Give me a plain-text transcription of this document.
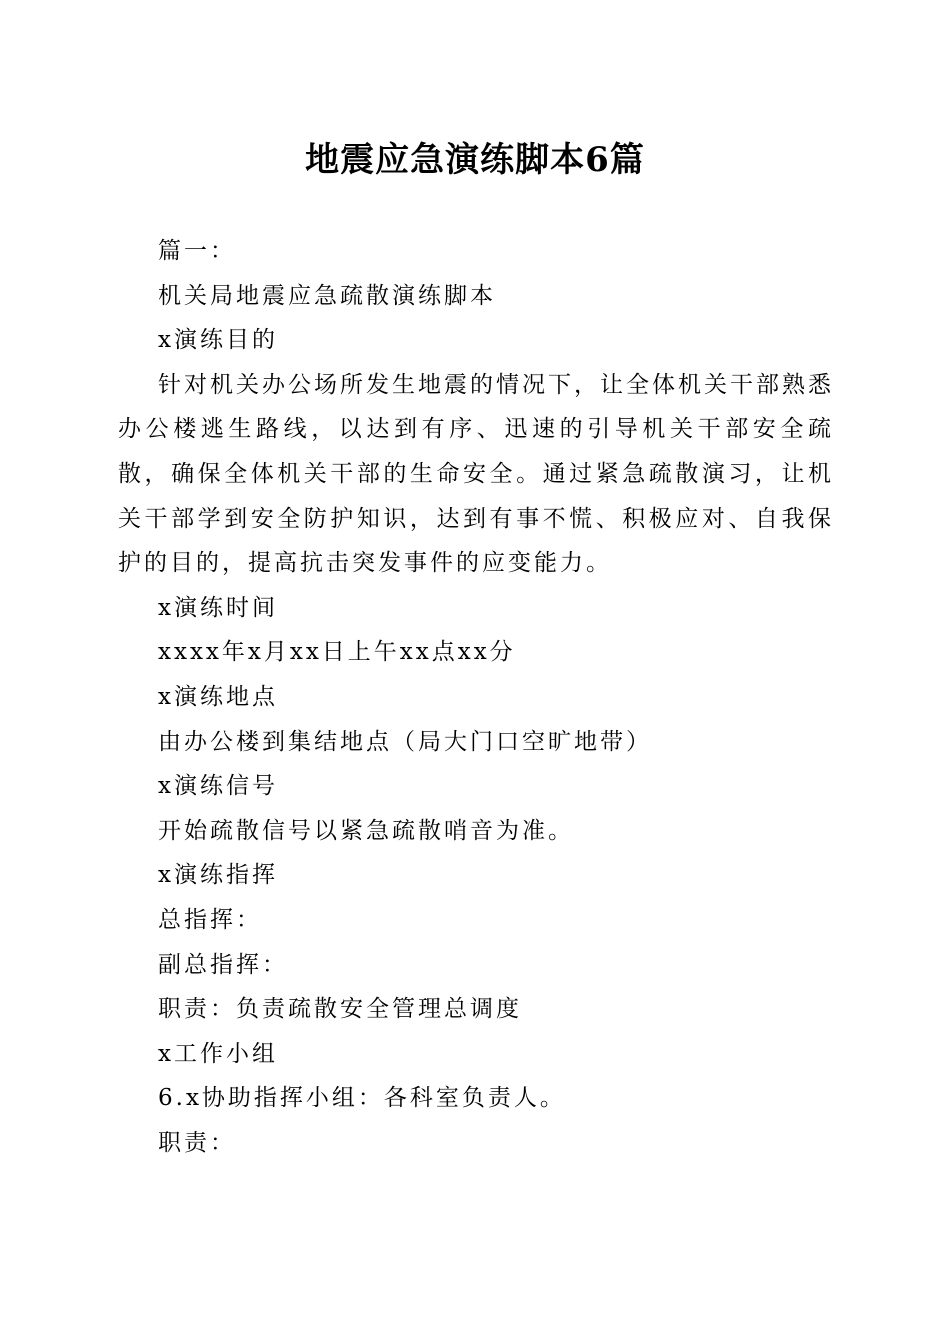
地震应急演练脚本6篇

篇一：

机关局地震应急疏散演练脚本

x演练目的

针对机关办公场所发生地震的情况下，让全体机关干部熟悉办公楼逃生路线，以达到有序、迅速的引导机关干部安全疏散，确保全体机关干部的生命安全。通过紧急疏散演习，让机关干部学到安全防护知识，达到有事不慌、积极应对、自我保护的目的，提高抗击突发事件的应变能力。

x演练时间

xxxx年x月xx日上午xx点xx分

x演练地点

由办公楼到集结地点（局大门口空旷地带）

x演练信号

开始疏散信号以紧急疏散哨音为准。

x演练指挥

总指挥：

副总指挥：

职责：负责疏散安全管理总调度

x工作小组

6.x协助指挥小组：各科室负责人。

职责：
